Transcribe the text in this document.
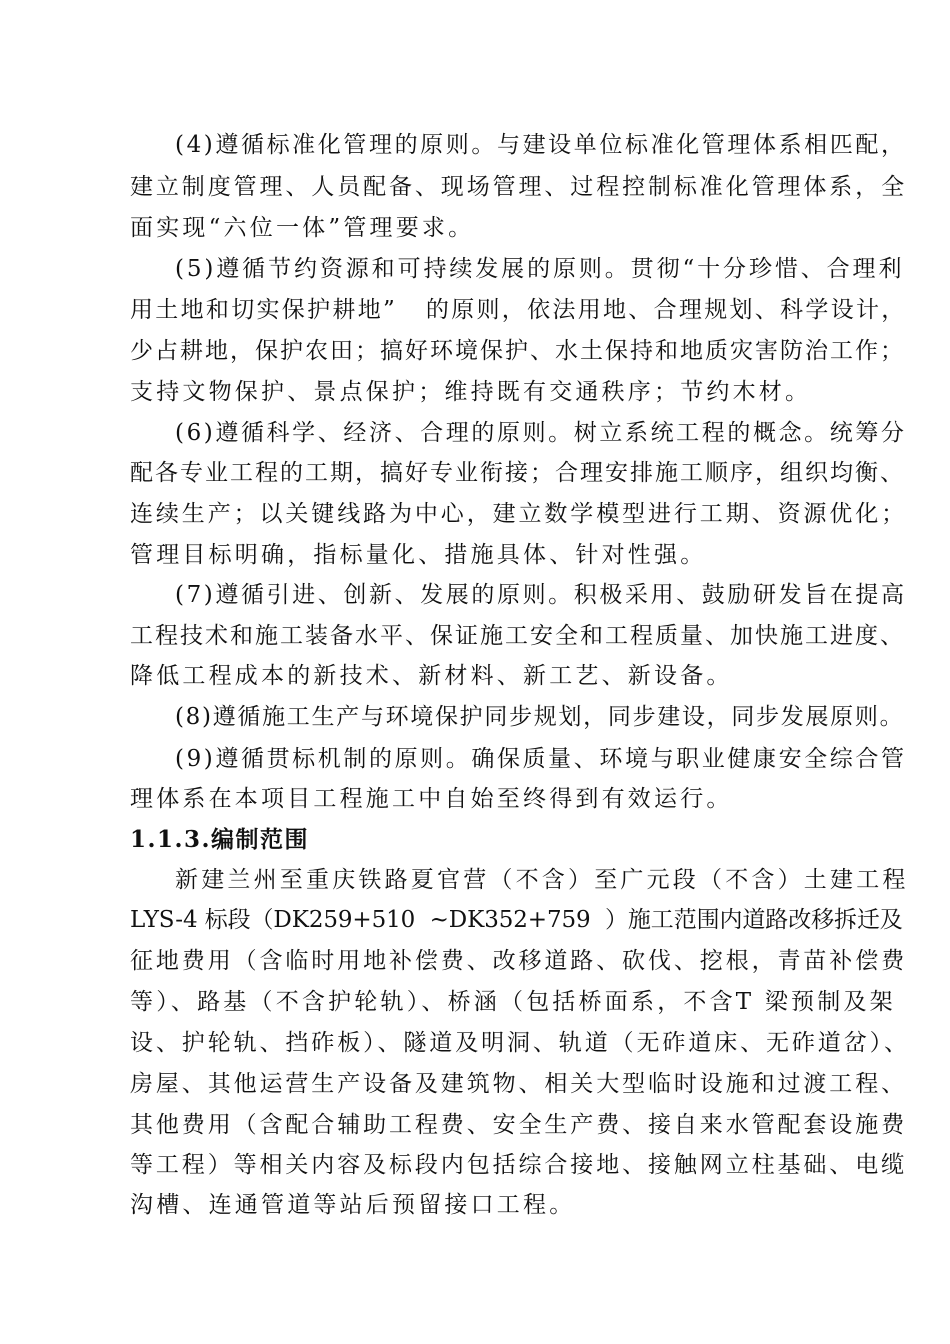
(4)遵循标准化管理的原则。与建设单位标准化管理体系相匹配，
建立制度管理、人员配备、现场管理、过程控制标准化管理体系，全
面实现“六位一体”管理要求。
(5)遵循节约资源和可持续发展的原则。贯彻“十分珍惜、合理利
用土地和切实保护耕地”   的原则，依法用地、合理规划、科学设计，
少占耕地，保护农田；搞好环境保护、水土保持和地质灾害防治工作；
支持文物保护、景点保护；维持既有交通秩序；节约木材。
(6)遵循科学、经济、合理的原则。树立系统工程的概念。统筹分
配各专业工程的工期，搞好专业衔接；合理安排施工顺序，组织均衡、
连续生产；以关键线路为中心，建立数学模型进行工期、资源优化；
管理目标明确，指标量化、措施具体、针对性强。
(7)遵循引进、创新、发展的原则。积极采用、鼓励研发旨在提高
工程技术和施工装备水平、保证施工安全和工程质量、加快施工进度、
降低工程成本的新技术、新材料、新工艺、新设备。
(8)遵循施工生产与环境保护同步规划，同步建设，同步发展原则。
(9)遵循贯标机制的原则。确保质量、环境与职业健康安全综合管
理体系在本项目工程施工中自始至终得到有效运行。
1.1.3.编制范围
新建兰州至重庆铁路夏官营（不含）至广元段（不含）土建工程
LYS-4 标段（DK259+510  ~DK352+759  ）施工范围内道路改移拆迁及
征地费用（含临时用地补偿费、改移道路、砍伐、挖根，青苗补偿费
等）、路基（不含护轮轨）、桥涵（包括桥面系，不含T 梁预制及架
设、护轮轨、挡砟板）、隧道及明洞、轨道（无砟道床、无砟道岔）、
房屋、其他运营生产设备及建筑物、相关大型临时设施和过渡工程、
其他费用（含配合辅助工程费、安全生产费、接自来水管配套设施费
等工程）等相关内容及标段内包括综合接地、接触网立柱基础、电缆
沟槽、连通管道等站后预留接口工程。
